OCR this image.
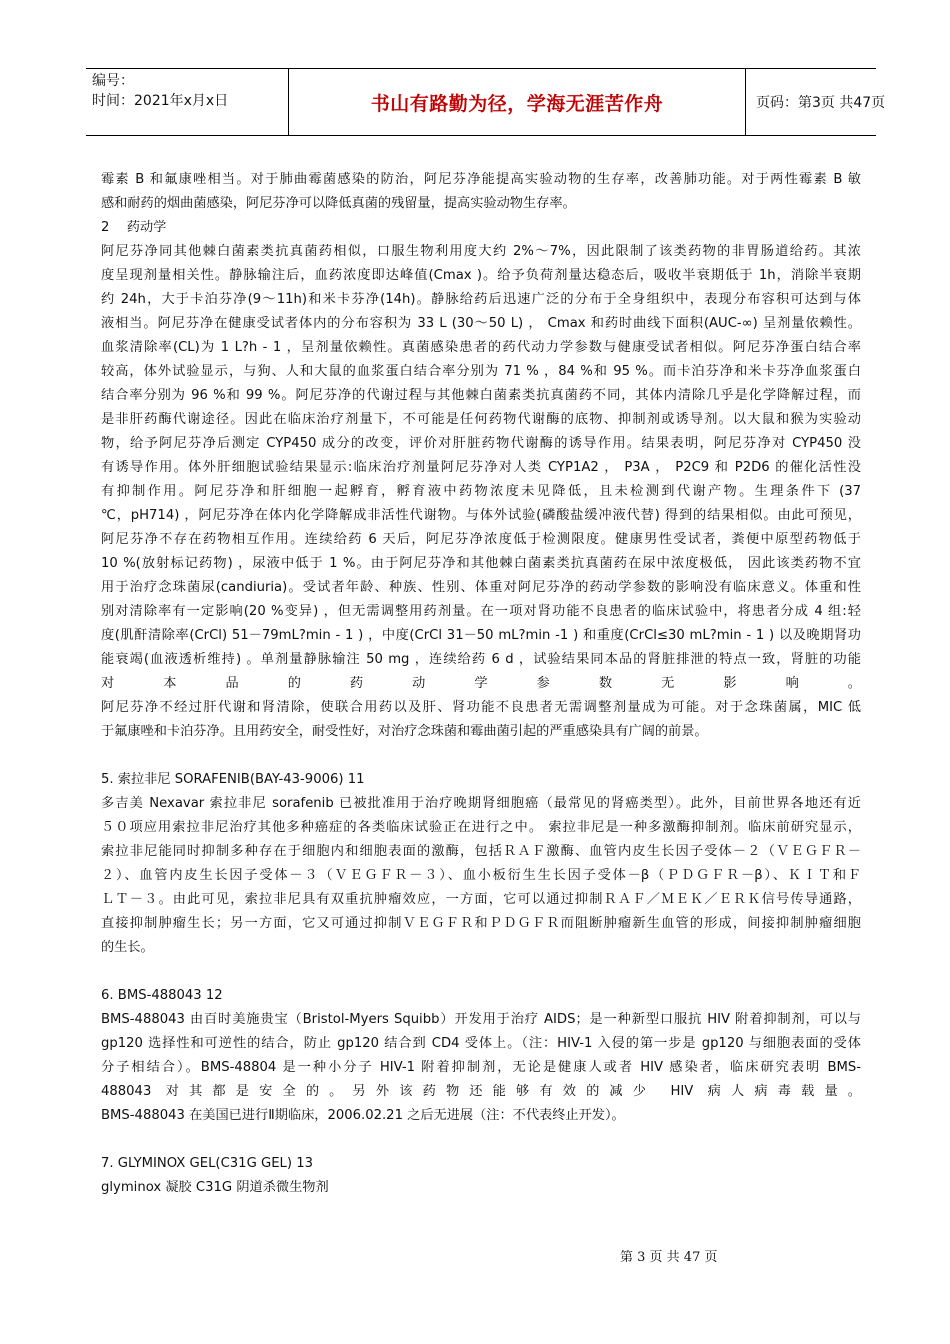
编号：
时间：2021年x月x日	书山有路勤为径，学海无涯苦作舟	页码：第3页 共47页
霉素 B 和氟康唑相当。对于肺曲霉菌感染的防治，阿尼芬净能提高实验动物的生存率，改善肺功能。对于两性霉素 B 敏
感和耐药的烟曲菌感染，阿尼芬净可以降低真菌的残留量，提高实验动物生存率。
2　 药动学
阿尼芬净同其他棘白菌素类抗真菌药相似，口服生物利用度大约 2%～7%，因此限制了该类药物的非胃肠道给药。其浓
度呈现剂量相关性。静脉输注后，血药浓度即达峰值(Cmax )。给予负荷剂量达稳态后，吸收半衰期低于 1h，消除半衰期
约 24h，大于卡泊芬净(9～11h)和米卡芬净(14h)。静脉给药后迅速广泛的分布于全身组织中，表现分布容积可达到与体
液相当。阿尼芬净在健康受试者体内的分布容积为 33 L (30～50 L) ， Cmax 和药时曲线下面积(AUC-∞) 呈剂量依赖性。
血浆清除率(CL)为 1 L?h - 1 ，呈剂量依赖性。真菌感染患者的药代动力学参数与健康受试者相似。阿尼芬净蛋白结合率
较高，体外试验显示，与狗、人和大鼠的血浆蛋白结合率分别为 71 % ，84 %和 95 %。而卡泊芬净和米卡芬净血浆蛋白
结合率分别为 96 %和 99 %。阿尼芬净的代谢过程与其他棘白菌素类抗真菌药不同，其体内清除几乎是化学降解过程，而
是非肝药酶代谢途径。因此在临床治疗剂量下，不可能是任何药物代谢酶的底物、抑制剂或诱导剂。以大鼠和猴为实验动
物，给予阿尼芬净后测定 CYP450 成分的改变，评价对肝脏药物代谢酶的诱导作用。结果表明，阿尼芬净对 CYP450 没
有诱导作用。体外肝细胞试验结果显示:临床治疗剂量阿尼芬净对人类 CYP1A2 ， P3A ， P2C9 和 P2D6 的催化活性没
有抑制作用。阿尼芬净和肝细胞一起孵育，孵育液中药物浓度未见降低，且未检测到代谢产物。生理条件下 (37
℃，pH714) ，阿尼芬净在体内化学降解成非活性代谢物。与体外试验(磷酸盐缓冲液代替) 得到的结果相似。由此可预见，
阿尼芬净不存在药物相互作用。连续给药 6 天后，阿尼芬净浓度低于检测限度。健康男性受试者，粪便中原型药物低于
10 %(放射标记药物) ，尿液中低于 1 %。由于阿尼芬净和其他棘白菌素类抗真菌药在尿中浓度极低， 因此该类药物不宜
用于治疗念珠菌尿(candiuria)。受试者年龄、种族、性别、体重对阿尼芬净的药动学参数的影响没有临床意义。体重和性
别对清除率有一定影响(20 %变异) ，但无需调整用药剂量。在一项对肾功能不良患者的临床试验中，将患者分成 4 组:轻
度(肌酐清除率(CrCl) 51－79mL?min - 1 ) ，中度(CrCl 31－50 mL?min -1 ) 和重度(CrCl≤30 mL?min - 1 ) 以及晚期肾功
能衰竭(血液透析维持) 。单剂量静脉输注 50 mg ，连续给药 6 d ，试验结果同本品的肾脏排泄的特点一致，肾脏的功能
对本品的药动学参数无影响。
阿尼芬净不经过肝代谢和肾清除，使联合用药以及肝、肾功能不良患者无需调整剂量成为可能。对于念珠菌属，MIC 低
于氟康唑和卡泊芬净。且用药安全，耐受性好，对治疗念珠菌和霉曲菌引起的严重感染具有广阔的前景。
5. 索拉非尼 SORAFENIB(BAY-43-9006) 11
多吉美 Nexavar 索拉非尼 sorafenib 已被批准用于治疗晚期肾细胞癌（最常见的肾癌类型）。此外，目前世界各地还有近
５０项应用索拉非尼治疗其他多种癌症的各类临床试验正在进行之中。 索拉非尼是一种多激酶抑制剂。临床前研究显示，
索拉非尼能同时抑制多种存在于细胞内和细胞表面的激酶，包括ＲＡＦ激酶、血管内皮生长因子受体－２（ＶＥＧＦＲ－
２）、血管内皮生长因子受体－３（ＶＥＧＦＲ－３）、血小板衍生生长因子受体－β（ＰＤＧＦＲ－β）、ＫＩＴ和Ｆ
ＬＴ－３。由此可见，索拉非尼具有双重抗肿瘤效应，一方面，它可以通过抑制ＲＡＦ／ＭＥＫ／ＥＲＫ信号传导通路，
直接抑制肿瘤生长；另一方面，它又可通过抑制ＶＥＧＦＲ和ＰＤＧＦＲ而阻断肿瘤新生血管的形成，间接抑制肿瘤细胞
的生长。
6. BMS-488043 12
BMS-488043 由百时美施贵宝（Bristol-Myers Squibb）开发用于治疗 AIDS；是一种新型口服抗 HIV 附着抑制剂，可以与
gp120 选择性和可逆性的结合，防止 gp120 结合到 CD4 受体上。（注：HIV-1 入侵的第一步是 gp120 与细胞表面的受体
分子相结合）。BMS-48804 是一种小分子 HIV-1 附着抑制剂，无论是健康人或者 HIV 感染者，临床研究表明 BMS-
488043 对其都是安全的。另外该药物还能够有效的减少 HIV 病人病毒载量。
BMS-488043 在美国已进行Ⅱ期临床，2006.02.21 之后无进展（注：不代表终止开发）。
7. GLYMINOX GEL(C31G GEL) 13
glyminox 凝胶 C31G 阴道杀微生物剂
第 3 页 共 47 页
